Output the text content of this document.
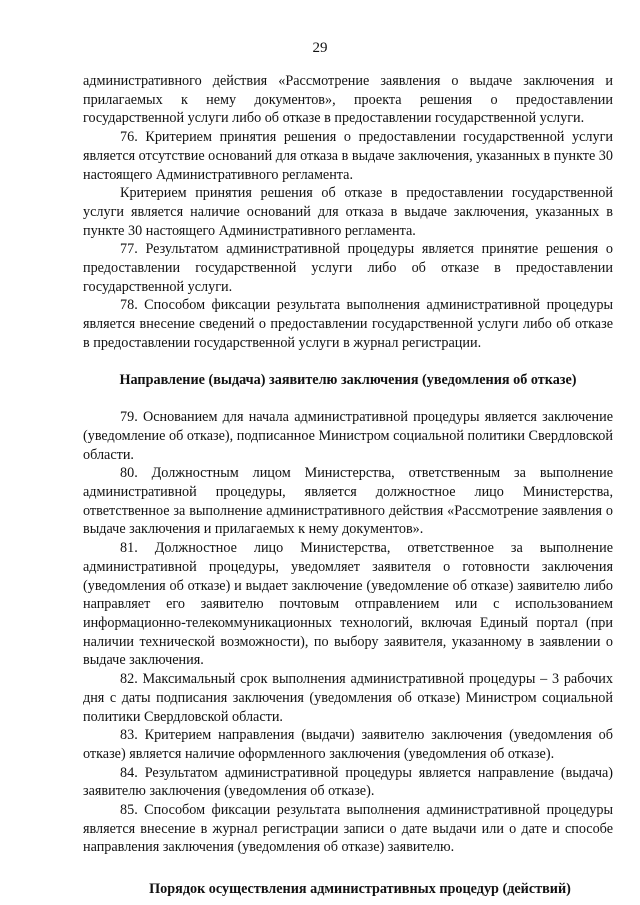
29

административного действия «Рассмотрение заявления о выдаче заключения и прилагаемых к нему документов», проекта решения о предоставлении государственной услуги либо об отказе в предоставлении государственной услуги.

76. Критерием принятия решения о предоставлении государственной услуги является отсутствие оснований для отказа в выдаче заключения, указанных в пункте 30 настоящего Административного регламента.

Критерием принятия решения об отказе в предоставлении государственной услуги является наличие оснований для отказа в выдаче заключения, указанных в пункте 30 настоящего Административного регламента.

77. Результатом административной процедуры является принятие решения о предоставлении государственной услуги либо об отказе в предоставлении государственной услуги.

78. Способом фиксации результата выполнения административной процедуры является внесение сведений о предоставлении государственной услуги либо об отказе в предоставлении государственной услуги в журнал регистрации.

Направление (выдача) заявителю заключения (уведомления об отказе)

79. Основанием для начала административной процедуры является заключение (уведомление об отказе), подписанное Министром социальной политики Свердловской области.

80. Должностным лицом Министерства, ответственным за выполнение административной процедуры, является должностное лицо Министерства, ответственное за выполнение административного действия «Рассмотрение заявления о выдаче заключения и прилагаемых к нему документов».

81. Должностное лицо Министерства, ответственное за выполнение административной процедуры, уведомляет заявителя о готовности заключения (уведомления об отказе) и выдает заключение (уведомление об отказе) заявителю либо направляет его заявителю почтовым отправлением или с использованием информационно-телекоммуникационных технологий, включая Единый портал (при наличии технической возможности), по выбору заявителя, указанному в заявлении о выдаче заключения.

82. Максимальный срок выполнения административной процедуры – 3 рабочих дня с даты подписания заключения (уведомления об отказе) Министром социальной политики Свердловской области.

83. Критерием направления (выдачи) заявителю заключения (уведомления об отказе) является наличие оформленного заключения (уведомления об отказе).

84. Результатом административной процедуры является направление (выдача) заявителю заключения (уведомления об отказе).

85. Способом фиксации результата выполнения административной процедуры является внесение в журнал регистрации записи о дате выдачи или о дате и способе направления заключения (уведомления об отказе) заявителю.

Порядок осуществления административных процедур (действий)
